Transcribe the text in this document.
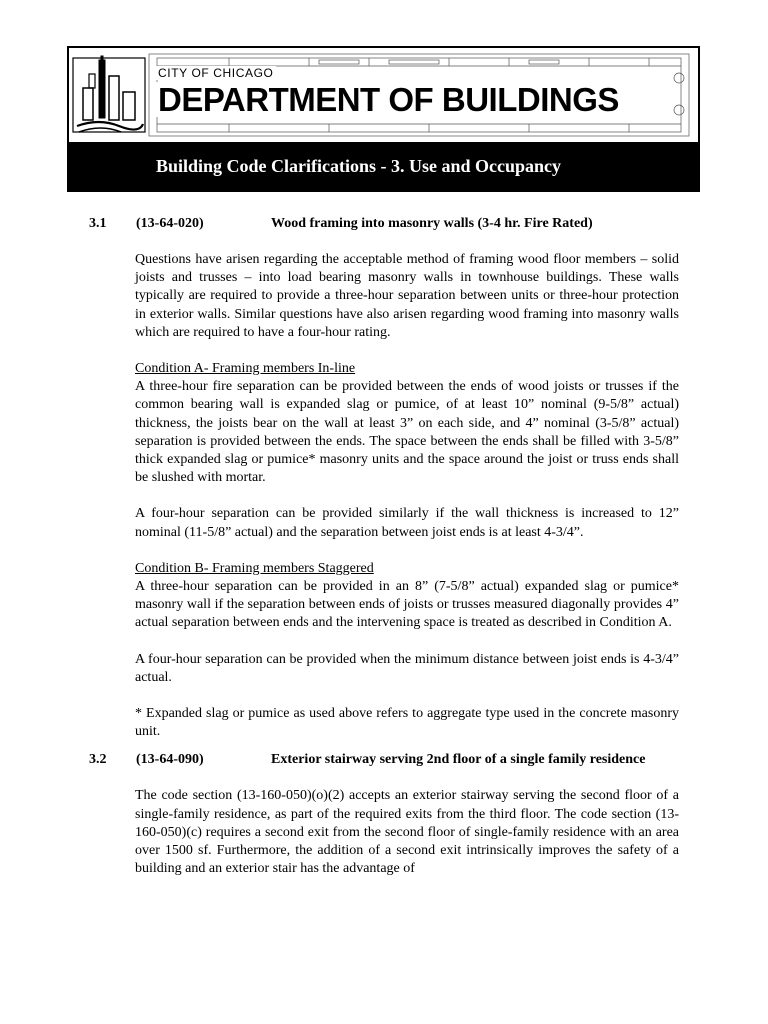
CITY OF CHICAGO
DEPARTMENT OF BUILDINGS
Building Code Clarifications - 3. Use and Occupancy
3.1 (13-64-020)	Wood framing into masonry walls (3-4 hr. Fire Rated)

Questions have arisen regarding the acceptable method of framing wood floor members – solid joists and trusses – into load bearing masonry walls in townhouse buildings. These walls typically are required to provide a three-hour separation between units or three-hour protection in exterior walls. Similar questions have also arisen regarding wood framing into masonry walls which are required to have a four-hour rating.

Condition A- Framing members In-line

A three-hour fire separation can be provided between the ends of wood joists or trusses if the common bearing wall is expanded slag or pumice, of at least 10” nominal (9-5/8” actual) thickness, the joists bear on the wall at least 3” on each side, and 4” nominal (3-5/8” actual) separation is provided between the ends. The space between the ends shall be filled with 3-5/8” thick expanded slag or pumice* masonry units and the space around the joist or truss ends shall be slushed with mortar.

A four-hour separation can be provided similarly if the wall thickness is increased to 12” nominal (11-5/8” actual) and the separation between joist ends is at least 4-3/4”.

Condition B- Framing members Staggered

A three-hour separation can be provided in an 8” (7-5/8” actual) expanded slag or pumice* masonry wall if the separation between ends of joists or trusses measured diagonally provides 4” actual separation between ends and the intervening space is treated as described in Condition A.

A four-hour separation can be provided when the minimum distance between joist ends is 4-3/4” actual.

* Expanded slag or pumice as used above refers to aggregate type used in the concrete masonry unit.

3.2 (13-64-090)	Exterior stairway serving 2nd floor of a single family residence

The code section (13-160-050)(o)(2) accepts an exterior stairway serving the second floor of a single-family residence, as part of the required exits from the third floor. The code section (13-160-050)(c) requires a second exit from the second floor of single-family residence with an area over 1500 sf. Furthermore, the addition of a second exit intrinsically improves the safety of a building and an exterior stair has the advantage of
